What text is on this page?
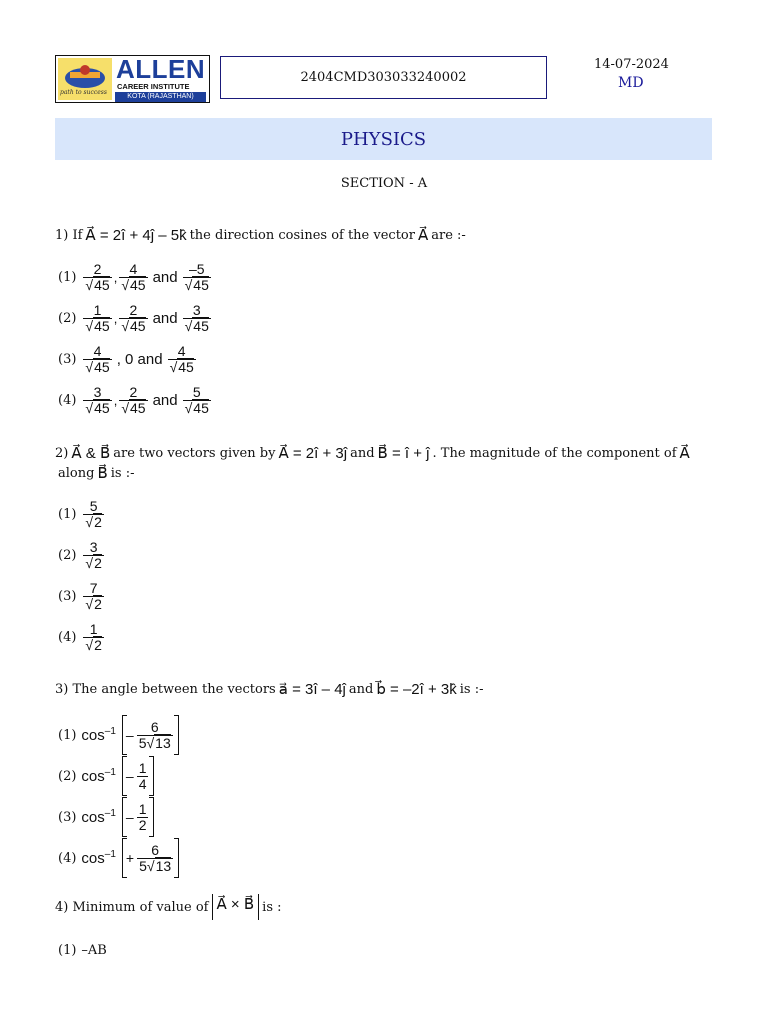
ALLEN
CAREER INSTITUTE
KOTA (RAJASTHAN)
path to success
2404CMD303033240002
14-07-2024
MD
PHYSICS
SECTION - A
1) If A⃗ = 2î + 4ĵ – 5k̂ the direction cosines of the vector A⃗ are :-
(1)
2
√45 ,
4
√45 and –5
√45
(2)
1
√45 ,
2
√45 and 3
√45
(3)
4
√45 , 0 and 4
√45
(4)
3
√45 ,
2
√45 and 5
√45
2) A⃗ & B⃗ are two vectors given by A⃗ = 2î + 3ĵ and B⃗ = î + ĵ . The magnitude of the component of A⃗
along B⃗ is :-
(1)
5
√2
(2)
3
√2
(3)
7
√2
(4)
1
√2
3) The angle between the vectors a⃗ = 3î – 4ĵ and b⃗ = –2î + 3k̂ is :-
(1) $\cos^{-1}$ –
6
5√13
(2) $\cos^{-1}$ –
1
4
(3) $\cos^{-1}$ –
1
2
(4) $\cos^{-1} + \frac{6}{5√13}$
4) Minimum of value of A⃗ × B⃗ is :
(1) –AB
